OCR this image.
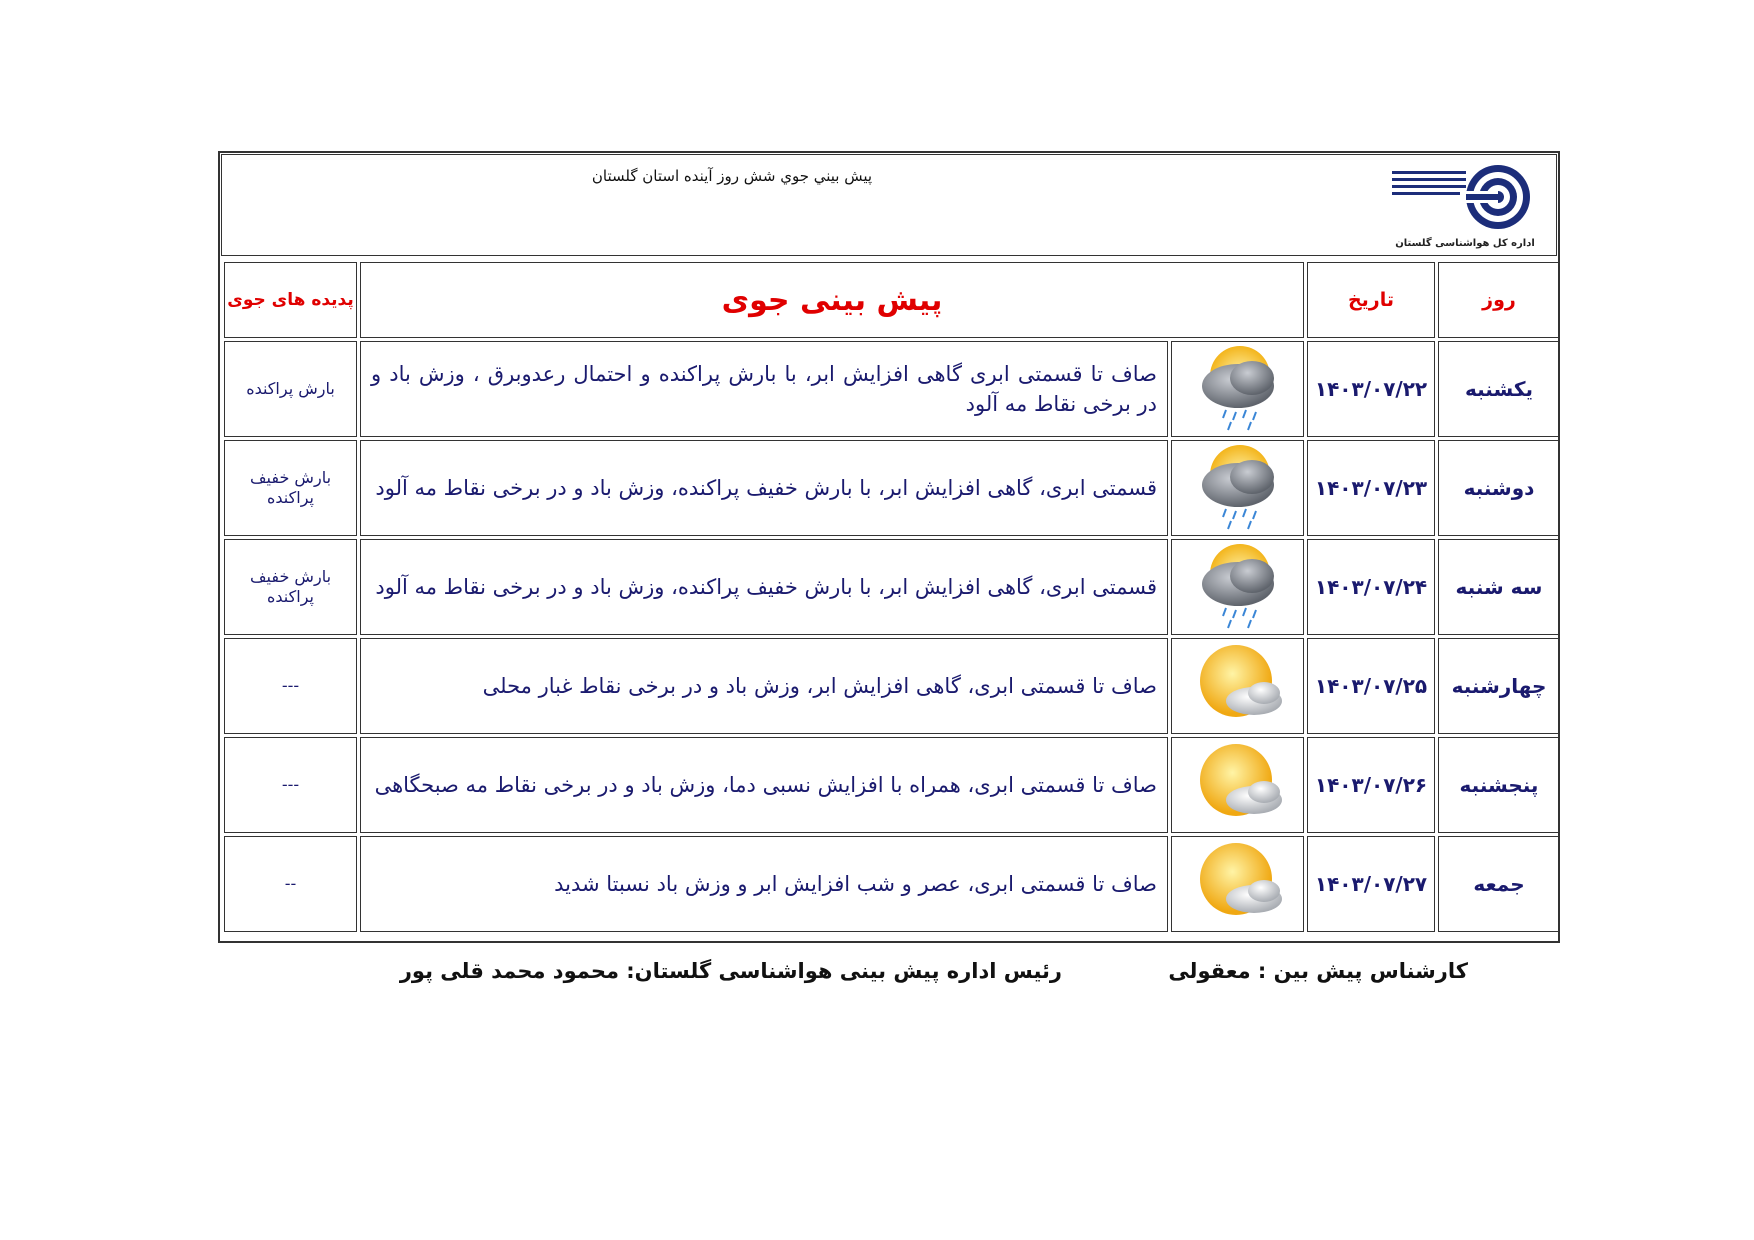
پیش بيني جوي شش روز آینده استان گلستان
اداره کل هواشناسی گلستان
پدیده های جوی	پیش بینی جوی		تاریخ	روز
بارش پراکنده	صاف تا قسمتی ابری گاهی افزایش ابر، با بارش پراکنده و احتمال رعدوبرق ، وزش باد و در برخی نقاط مه آلود		۱۴۰۳/۰۷/۲۲	یکشنبه
بارش خفیف پراکنده	قسمتی ابری، گاهی افزایش ابر، با بارش خفیف پراکنده، وزش باد و در برخی نقاط مه آلود		۱۴۰۳/۰۷/۲۳	دوشنبه
بارش خفیف پراکنده	قسمتی ابری، گاهی افزایش ابر، با بارش خفیف پراکنده، وزش باد و در برخی نقاط مه آلود		۱۴۰۳/۰۷/۲۴	سه شنبه
---	صاف تا قسمتی ابری، گاهی افزایش ابر، وزش باد و در برخی نقاط غبار محلی		۱۴۰۳/۰۷/۲۵	چهارشنبه
---	صاف تا قسمتی ابری، همراه با افزایش نسبی دما، وزش باد و در برخی نقاط مه صبحگاهی		۱۴۰۳/۰۷/۲۶	پنجشنبه
--	صاف تا قسمتی ابری، عصر و شب افزایش ابر و وزش باد نسبتا شدید		۱۴۰۳/۰۷/۲۷	جمعه
کارشناس پیش بین : معقولی
رئیس اداره پیش بینی هواشناسی گلستان: محمود محمد قلی پور
